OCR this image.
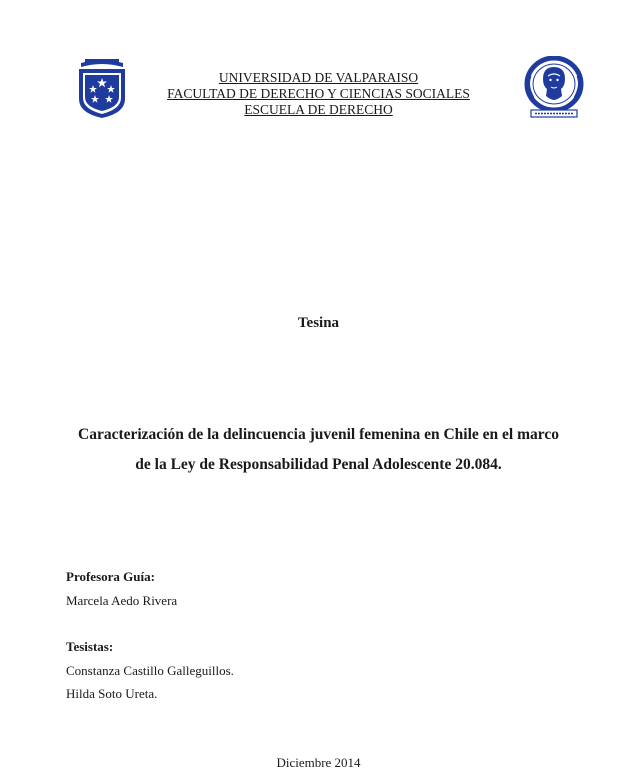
UNIVERSIDAD DE VALPARAISO
FACULTAD DE DERECHO Y CIENCIAS SOCIALES
ESCUELA DE DERECHO
Tesina
Caracterización de la delincuencia juvenil femenina en Chile en el marco
de la Ley de Responsabilidad Penal Adolescente 20.084.
Profesora Guía:
Marcela Aedo Rivera
Tesistas:
Constanza Castillo Galleguillos.
Hilda Soto Ureta.
Diciembre 2014
